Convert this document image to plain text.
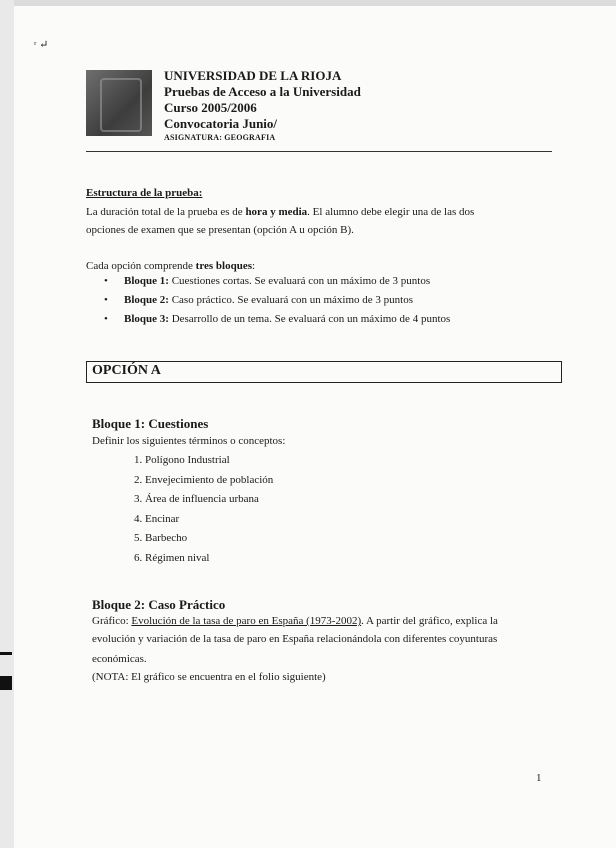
ʳ ↵
UNIVERSIDAD DE LA RIOJA
Pruebas de Acceso a la Universidad
Curso 2005/2006
Convocatoria Junio/
ASIGNATURA: GEOGRAFIA
Estructura de la prueba:
La duración total de la prueba es de hora y media. El alumno debe elegir una de las dos
opciones de examen que se presentan (opción A u opción B).
Cada opción comprende tres bloques:
• Bloque 1: Cuestiones cortas. Se evaluará con un máximo de 3 puntos
• Bloque 2: Caso práctico. Se evaluará con un máximo de 3 puntos
• Bloque 3: Desarrollo de un tema. Se evaluará con un máximo de 4 puntos
OPCIÓN A
Bloque 1: Cuestiones
Definir los siguientes términos o conceptos:
1. Polígono Industrial
2. Envejecimiento de población
3. Área de influencia urbana
4. Encinar
5. Barbecho
6. Régimen nival
Bloque 2: Caso Práctico
Gráfico: Evolución de la tasa de paro en España (1973-2002). A partir del gráfico, explica la
evolución y variación de la tasa de paro en España relacionándola con diferentes coyunturas
económicas.
(NOTA: El gráfico se encuentra en el folio siguiente)
1
